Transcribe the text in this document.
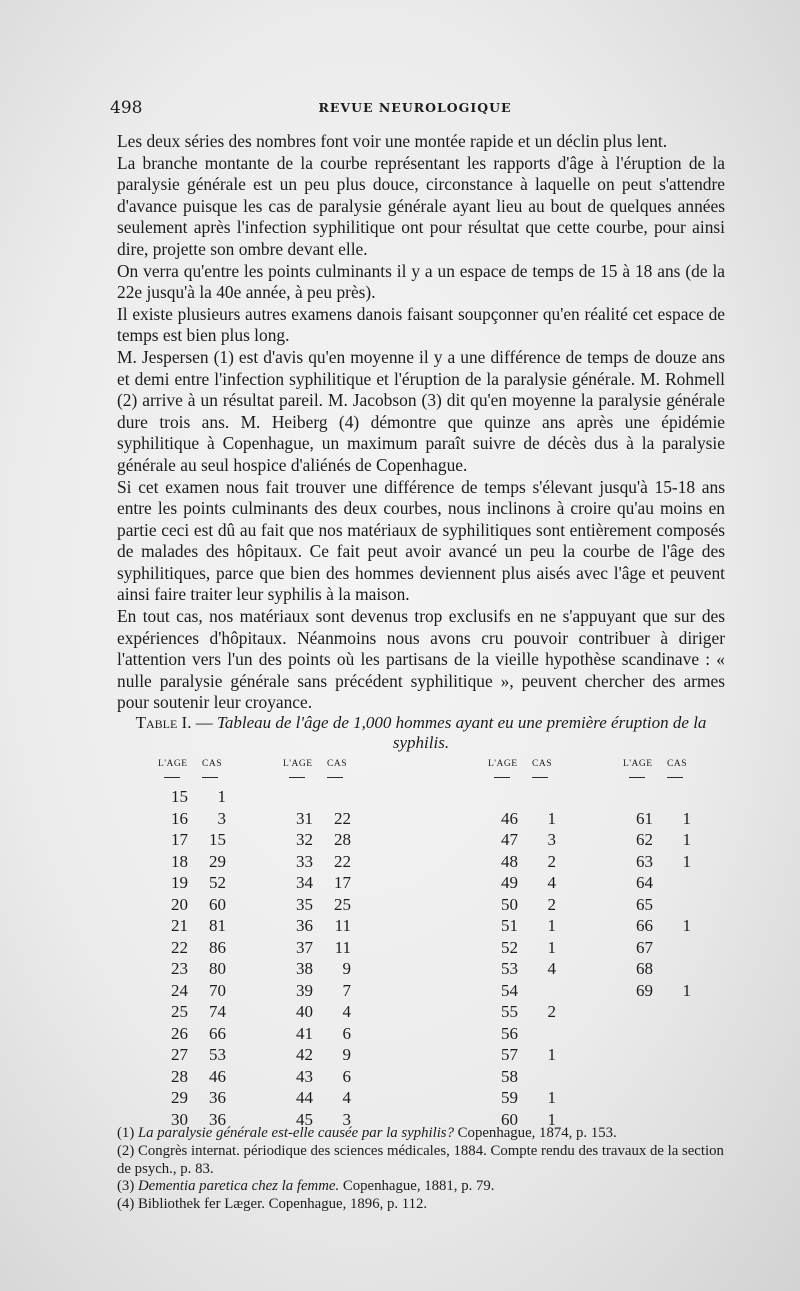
498	REVUE NEUROLOGIQUE

Les deux séries des nombres font voir une montée rapide et un déclin plus lent.

La branche montante de la courbe représentant les rapports d'âge à l'éruption de la paralysie générale est un peu plus douce, circonstance à laquelle on peut s'attendre d'avance puisque les cas de paralysie générale ayant lieu au bout de quelques années seulement après l'infection syphilitique ont pour résultat que cette courbe, pour ainsi dire, projette son ombre devant elle.

On verra qu'entre les points culminants il y a un espace de temps de 15 à 18 ans (de la 22e jusqu'à la 40e année, à peu près).

Il existe plusieurs autres examens danois faisant soupçonner qu'en réalité cet espace de temps est bien plus long.

M. Jespersen (1) est d'avis qu'en moyenne il y a une différence de temps de douze ans et demi entre l'infection syphilitique et l'éruption de la paralysie générale. M. Rohmell (2) arrive à un résultat pareil. M. Jacobson (3) dit qu'en moyenne la paralysie générale dure trois ans. M. Heiberg (4) démontre que quinze ans après une épidémie syphilitique à Copenhague, un maximum paraît suivre de décès dus à la paralysie générale au seul hospice d'aliénés de Copenhague.

Si cet examen nous fait trouver une différence de temps s'élevant jusqu'à 15-18 ans entre les points culminants des deux courbes, nous inclinons à croire qu'au moins en partie ceci est dû au fait que nos matériaux de syphilitiques sont entièrement composés de malades des hôpitaux. Ce fait peut avoir avancé un peu la courbe de l'âge des syphilitiques, parce que bien des hommes deviennent plus aisés avec l'âge et peuvent ainsi faire traiter leur syphilis à la maison.

En tout cas, nos matériaux sont devenus trop exclusifs en ne s'appuyant que sur des expériences d'hôpitaux. Néanmoins nous avons cru pouvoir contribuer à diriger l'attention vers l'un des points où les partisans de la vieille hypothèse scandinave : « nulle paralysie générale sans précédent syphilitique », peuvent chercher des armes pour soutenir leur croyance.

Table I. — Tableau de l'âge de 1,000 hommes ayant eu une première éruption de la syphilis.
L'AGE CAS
15	1
16	3
17	15
18	29
19	52
20	60
21	81
22	86
23	80
24	70
25	74
26	66
27	53
28	46
29	36
30	36
L'AGE CAS
31	22
32	28
33	22
34	17
35	25
36	11
37	11
38	9
39	7
40	4
41	6
42	9
43	6
44	4
45	3
L'AGE CAS
46	1
47	3
48	2
49	4
50	2
51	1
52	1
53	4
54
55	2
56
57	1
58
59	1
60	1
L'AGE CAS
61	1
62	1
63	1
64
65
66	1
67
68
69	1
(1) La paralysie générale est-elle causée par la syphilis? Copenhague, 1874, p. 153.
(2) Congrès internat. périodique des sciences médicales, 1884. Compte rendu des travaux de la section de psych., p. 83.
(3) Dementia paretica chez la femme. Copenhague, 1881, p. 79.
(4) Bibliothek fer Læger. Copenhague, 1896, p. 112.
